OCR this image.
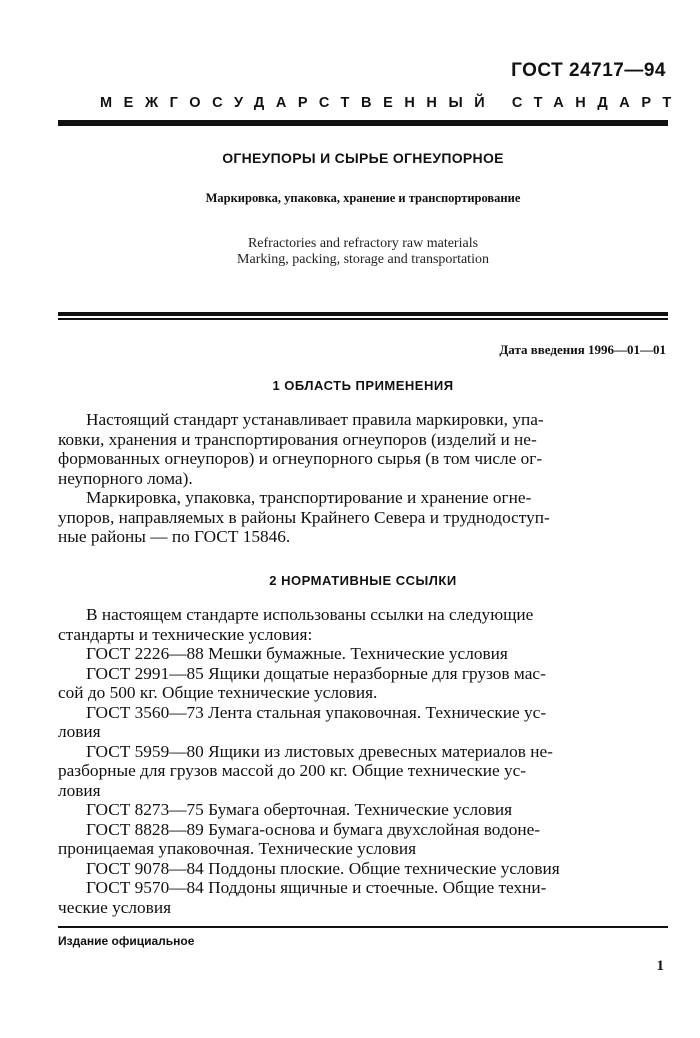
ГОСТ 24717—94
МЕЖГОСУДАРСТВЕННЫЙ СТАНДАРТ
ОГНЕУПОРЫ И СЫРЬЕ ОГНЕУПОРНОЕ
Маркировка, упаковка, хранение и транспортирование
Refractories and refractory raw materials
Marking, packing, storage and transportation
Дата введения 1996—01—01
1 ОБЛАСТЬ ПРИМЕНЕНИЯ
Настоящий стандарт устанавливает правила маркировки, упа-
ковки, хранения и транспортирования огнеупоров (изделий и не-
формованных огнеупоров) и огнеупорного сырья (в том числе ог-
неупорного лома).
Маркировка, упаковка, транспортирование и хранение огне-
упоров, направляемых в районы Крайнего Севера и труднодоступ-
ные районы — по ГОСТ 15846.
2 НОРМАТИВНЫЕ ССЫЛКИ
В настоящем стандарте использованы ссылки на следующие
стандарты и технические условия:
ГОСТ 2226—88 Мешки бумажные. Технические условия
ГОСТ 2991—85 Ящики дощатые неразборные для грузов мас-
сой до 500 кг. Общие технические условия.
ГОСТ 3560—73 Лента стальная упаковочная. Технические ус-
ловия
ГОСТ 5959—80 Ящики из листовых древесных материалов не-
разборные для грузов массой до 200 кг. Общие технические ус-
ловия
ГОСТ 8273—75 Бумага оберточная. Технические условия
ГОСТ 8828—89 Бумага-основа и бумага двухслойная водоне-
проницаемая упаковочная. Технические условия
ГОСТ 9078—84 Поддоны плоские. Общие технические условия
ГОСТ 9570—84 Поддоны ящичные и стоечные. Общие техни-
ческие условия
Издание официальное
1
